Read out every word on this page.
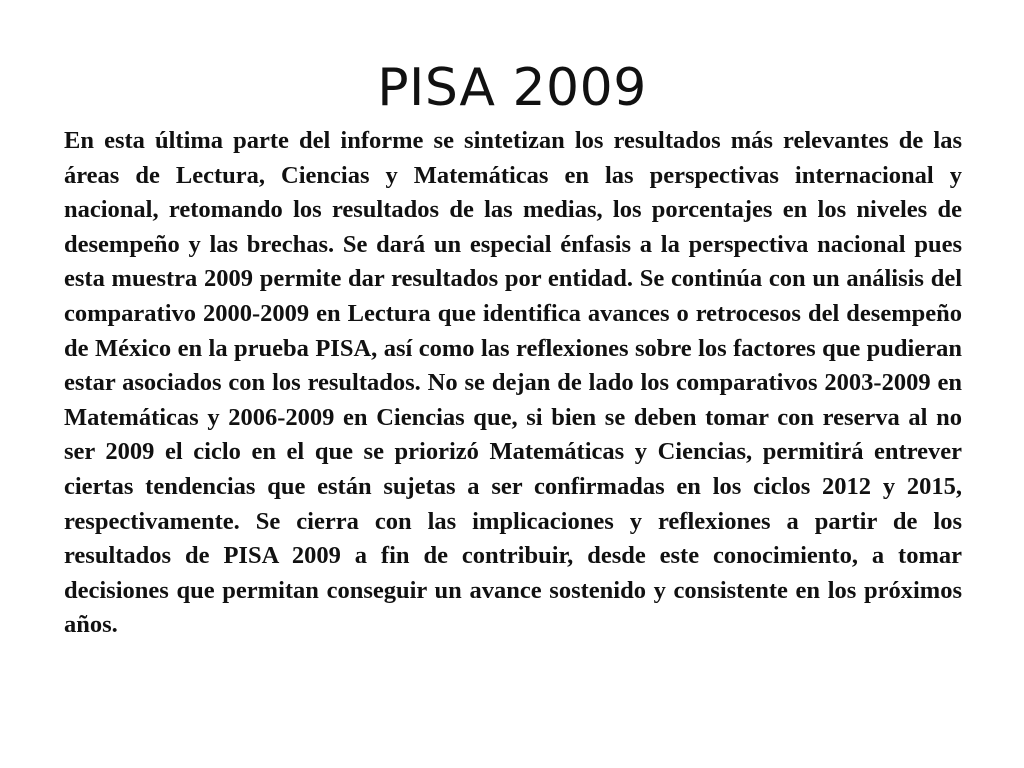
PISA 2009

En esta última parte del informe se sintetizan los resultados más relevantes de las áreas de Lectura, Ciencias y Matemáticas en las perspectivas internacional y nacional, retomando los resultados de las medias, los porcentajes en los niveles de desempeño y las brechas. Se dará un especial énfasis a la perspectiva nacional pues esta muestra 2009 permite dar resultados por entidad. Se continúa con un análisis del comparativo 2000-2009 en Lectura que identifica avances o retrocesos del desempeño de México en la prueba PISA, así como las reflexiones sobre los factores que pudieran estar asociados con los resultados. No se dejan de lado los comparativos 2003-2009 en Matemáticas y 2006-2009 en Ciencias que, si bien se deben tomar con reserva al no ser 2009 el ciclo en el que se priorizó Matemáticas y Ciencias, permitirá entrever ciertas tendencias que están sujetas a ser confirmadas en los ciclos 2012 y 2015, respectivamente. Se cierra con las implicaciones y reflexiones a partir de los resultados de PISA 2009 a fin de contribuir, desde este conocimiento, a tomar decisiones que permitan conseguir un avance sostenido y consistente en los próximos años.
